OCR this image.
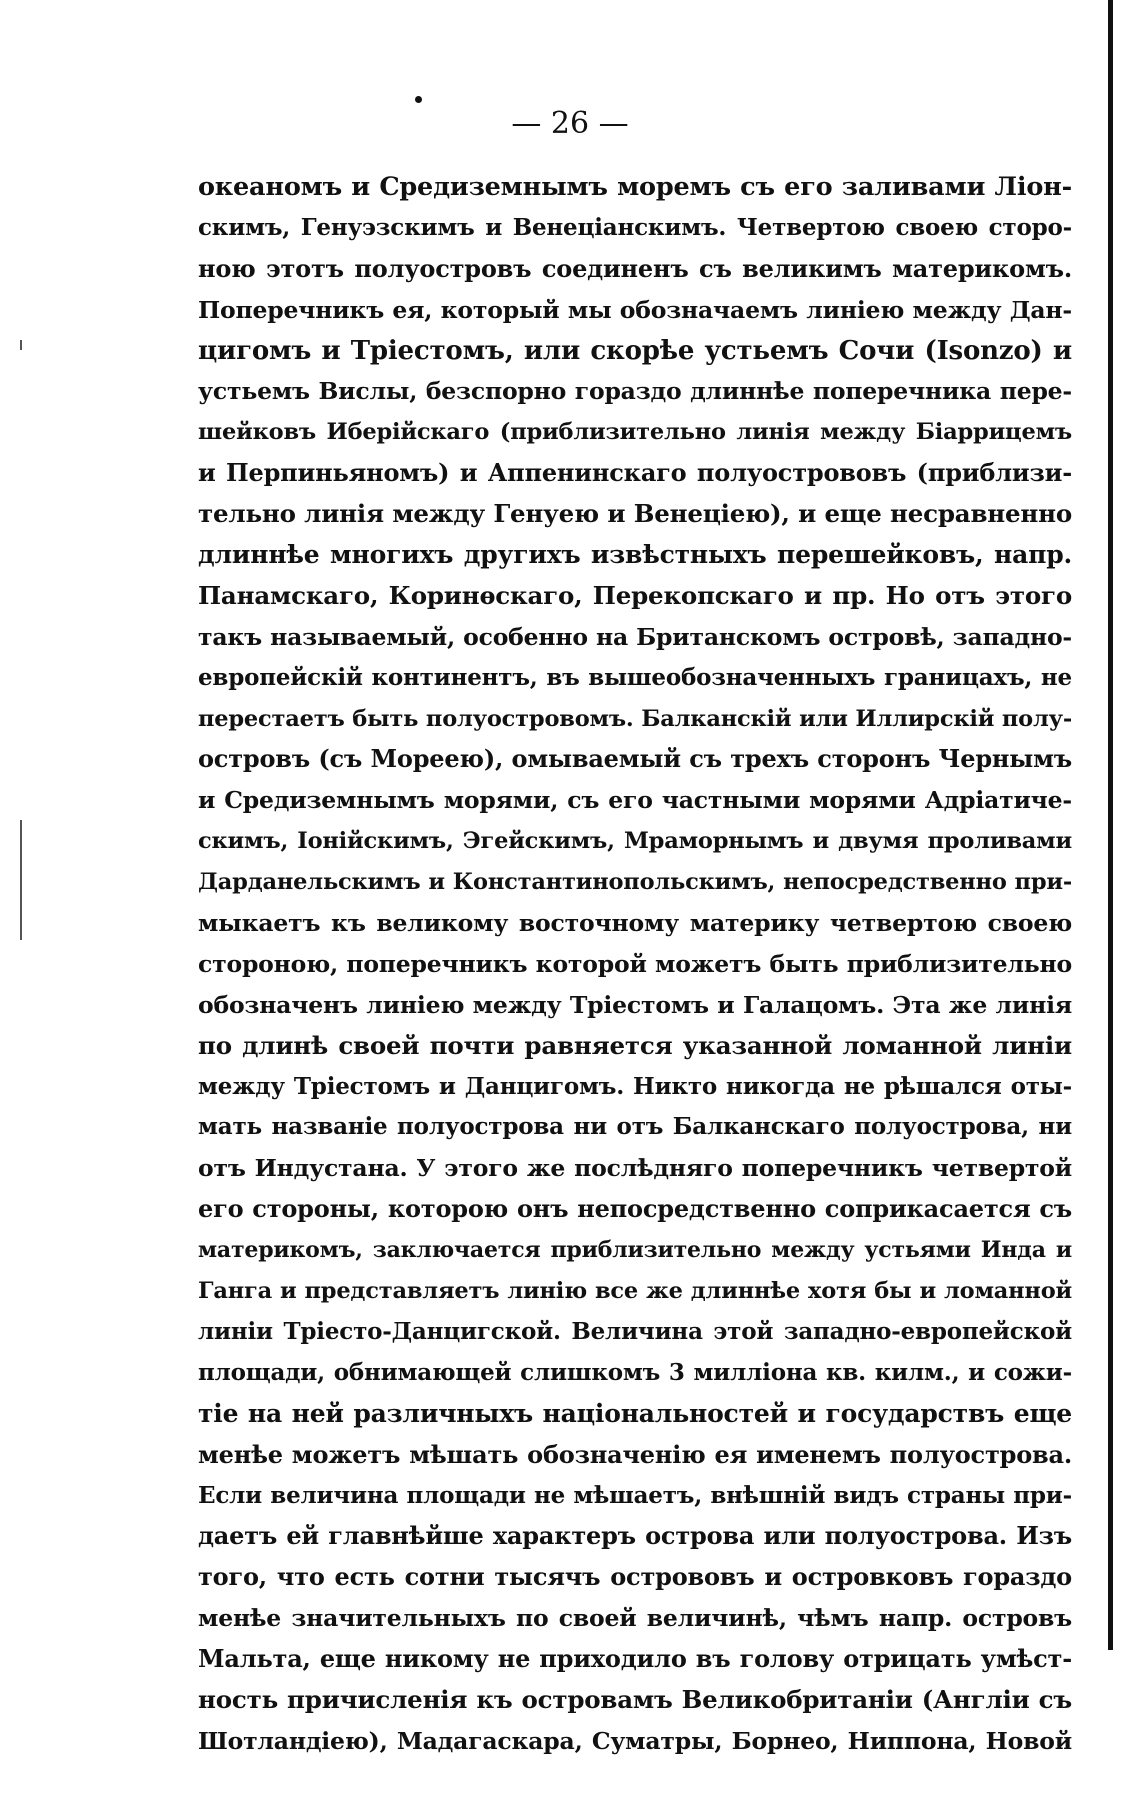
— 26 —
океаномъ и Средиземнымъ моремъ съ его заливами Ліон-
скимъ, Генуэзскимъ и Венеціанскимъ. Четвертою своею сторо-
ною этотъ полуостровъ соединенъ съ великимъ материкомъ.
Поперечникъ ея, который мы обозначаемъ линіею между Дан-
цигомъ и Тріестомъ, или скорѣе устьемъ Сочи (Isonzo) и
устьемъ Вислы, безспорно гораздо длиннѣе поперечника пере-
шейковъ Иберійскаго (приблизительно линія между Біаррицемъ
и Перпиньяномъ) и Аппенинскаго полуострововъ (приблизи-
тельно линія между Генуею и Венеціею), и еще несравненно
длиннѣе многихъ другихъ извѣстныхъ перешейковъ, напр.
Панамскаго, Коринѳскаго, Перекопскаго и пр. Но отъ этого
такъ называемый, особенно на Британскомъ островѣ, западно-
европейскій континентъ, въ вышеобозначенныхъ границахъ, не
перестаетъ быть полуостровомъ. Балканскій или Иллирскій полу-
островъ (съ Мореею), омываемый съ трехъ сторонъ Чернымъ
и Средиземнымъ морями, съ его частными морями Адріатиче-
скимъ, Іонійскимъ, Эгейскимъ, Мраморнымъ и двумя проливами
Дарданельскимъ и Константинопольскимъ, непосредственно при-
мыкаетъ къ великому восточному материку четвертою своею
стороною, поперечникъ которой можетъ быть приблизительно
обозначенъ линіею между Тріестомъ и Галацомъ. Эта же линія
по длинѣ своей почти равняется указанной ломанной линіи
между Тріестомъ и Данцигомъ. Никто никогда не рѣшался оты-
мать названіе полуострова ни отъ Балканскаго полуострова, ни
отъ Индустана. У этого же послѣдняго поперечникъ четвертой
его стороны, которою онъ непосредственно соприкасается съ
материкомъ, заключается приблизительно между устьями Инда и
Ганга и представляетъ линію все же длиннѣе хотя бы и ломанной
линіи Тріесто-Данцигской. Величина этой западно-европейской
площади, обнимающей слишкомъ 3 милліона кв. килм., и сожи-
тіе на ней различныхъ національностей и государствъ еще
менѣе можетъ мѣшать обозначенію ея именемъ полуострова.
Если величина площади не мѣшаетъ, внѣшній видъ страны при-
даетъ ей главнѣйше характеръ острова или полуострова. Изъ
того, что есть сотни тысячъ острововъ и островковъ гораздо
менѣе значительныхъ по своей величинѣ, чѣмъ напр. островъ
Мальта, еще никому не приходило въ голову отрицать умѣст-
ность причисленія къ островамъ Великобританіи (Англіи съ
Шотландіею), Мадагаскара, Суматры, Борнео, Ниппона, Новой
